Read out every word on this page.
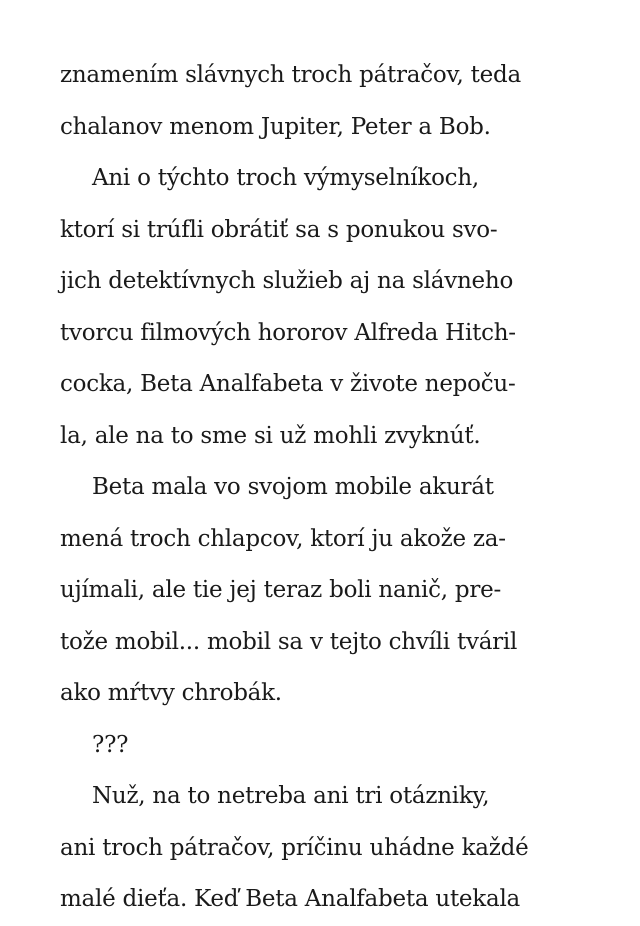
znamením slávnych troch pátračov, teda
chalanov menom Jupiter, Peter a Bob.
Ani o týchto troch výmyselníkoch,
ktorí si trúfli obrátiť sa s ponukou svo-
jich detektívnych služieb aj na slávneho
tvorcu filmových hororov Alfreda Hitch-
cocka, Beta Analfabeta v živote nepoču-
la, ale na to sme si už mohli zvyknúť.
Beta mala vo svojom mobile akurát
mená troch chlapcov, ktorí ju akože za-
ujímali, ale tie jej teraz boli nanič, pre-
tože mobil... mobil sa v tejto chvíli tváril
ako mŕtvy chrobák.
???
Nuž, na to netreba ani tri otázniky,
ani troch pátračov, príčinu uhádne každé
malé dieťa. Keď Beta Analfabeta utekala
